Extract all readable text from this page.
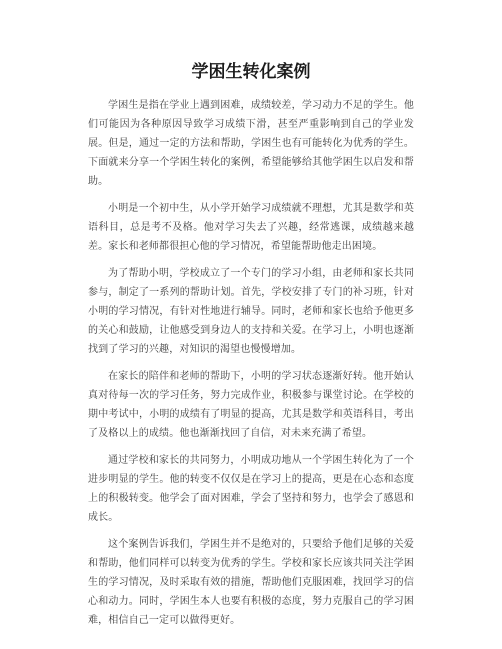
学困生转化案例

学困生是指在学业上遇到困难，成绩较差，学习动力不足的学生。他们可能因为各种原因导致学习成绩下滑，甚至严重影响到自己的学业发展。但是，通过一定的方法和帮助，学困生也有可能转化为优秀的学生。下面就来分享一个学困生转化的案例，希望能够给其他学困生以启发和帮助。

小明是一个初中生，从小学开始学习成绩就不理想，尤其是数学和英语科目，总是考不及格。他对学习失去了兴趣，经常逃课，成绩越来越差。家长和老师都很担心他的学习情况，希望能帮助他走出困境。

为了帮助小明，学校成立了一个专门的学习小组，由老师和家长共同参与，制定了一系列的帮助计划。首先，学校安排了专门的补习班，针对小明的学习情况，有针对性地进行辅导。同时，老师和家长也给予他更多的关心和鼓励，让他感受到身边人的支持和关爱。在学习上，小明也逐渐找到了学习的兴趣，对知识的渴望也慢慢增加。

在家长的陪伴和老师的帮助下，小明的学习状态逐渐好转。他开始认真对待每一次的学习任务，努力完成作业，积极参与课堂讨论。在学校的期中考试中，小明的成绩有了明显的提高，尤其是数学和英语科目，考出了及格以上的成绩。他也渐渐找回了自信，对未来充满了希望。

通过学校和家长的共同努力，小明成功地从一个学困生转化为了一个进步明显的学生。他的转变不仅仅是在学习上的提高，更是在心态和态度上的积极转变。他学会了面对困难，学会了坚持和努力，也学会了感恩和成长。

这个案例告诉我们，学困生并不是绝对的，只要给予他们足够的关爱和帮助，他们同样可以转变为优秀的学生。学校和家长应该共同关注学困生的学习情况，及时采取有效的措施，帮助他们克服困难，找回学习的信心和动力。同时，学困生本人也要有积极的态度，努力克服自己的学习困难，相信自己一定可以做得更好。
